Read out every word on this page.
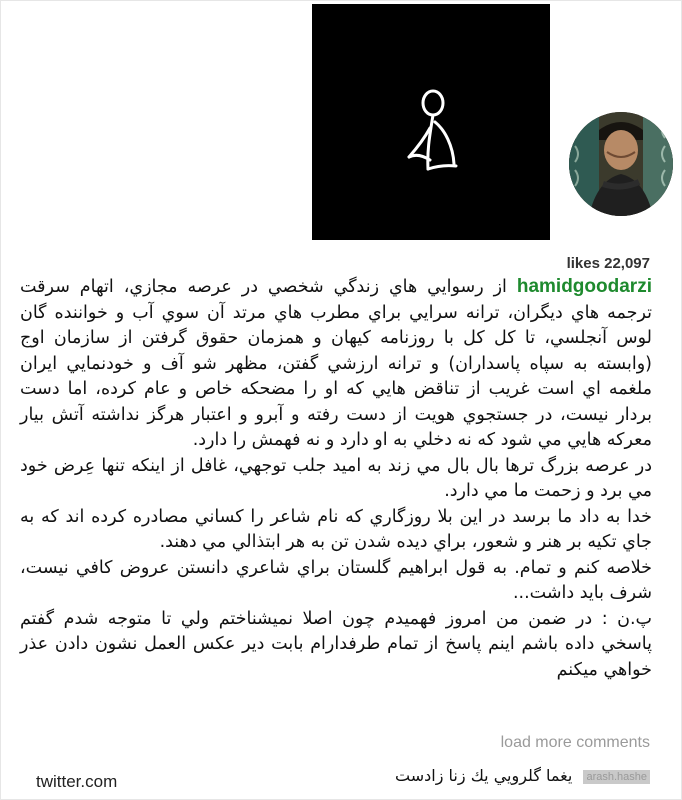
likes 22,097

hamidgoodarzi از رسوايي هاي زندگي شخصي در عرصه مجازي، اتهام سرقت ترجمه هاي ديگران، ترانه سرايي براي مطرب هاي مرتد آن سوي آب و خواننده گان لوس آنجلسي، تا كل كل با روزنامه كيهان و همزمان حقوق گرفتن از سازمان اوج (وابسته به سپاه پاسداران) و ترانه ارزشي گفتن، مظهر شو آف و خودنمايي ايران ملغمه اي است غريب از تناقض هايي كه او را مضحكه خاص و عام كرده، اما دست بردار نيست، در جستجوي هويت از دست رفته و آبرو و اعتبار هرگز نداشته آتش بيار معركه هايي مي شود كه نه دخلي به او دارد و نه فهمش را دارد.

در عرصه بزرگ ترها بال بال مي زند به اميد جلب توجهي، غافل از اينكه تنها عِرض خود مي برد و زحمت ما مي دارد.

خدا به داد ما برسد در اين بلا روزگاري كه نام شاعر را كساني مصادره كرده اند كه به جاي تكيه بر هنر و شعور، براي ديده شدن تن به هر ابتذالي مي دهند.

خلاصه كنم و تمام. به قول ابراهيم گلستان براي شاعري دانستن عروض كافي نيست، شرف بايد داشت...

پ.ن : در ضمن من امروز فهميدم چون اصلا نميشناختم ولي تا متوجه شدم گفتم پاسخي داده باشم اينم پاسخ از تمام طرفدارام بابت دير عكس العمل نشون دادن عذر خواهي ميكنم

load more comments
twitter.com	arash.hashe يغما گلرويي يك زنا زادست
